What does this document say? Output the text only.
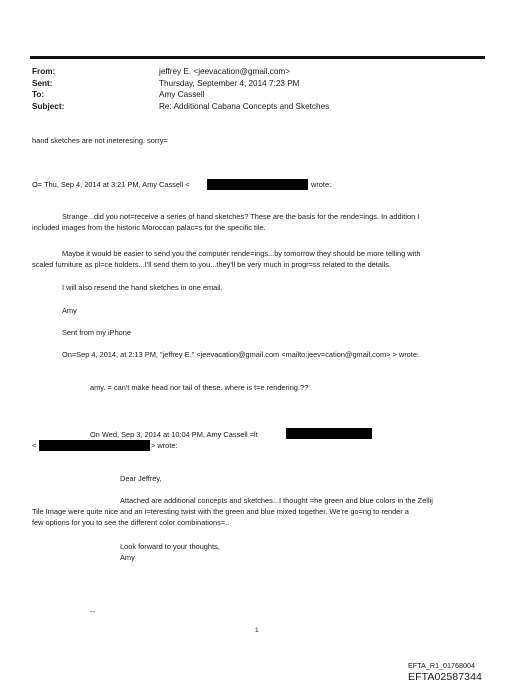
From:	jeffrey E. <jeevacation@gmail.com>
Sent:	Thursday, September 4, 2014 7:23 PM
To:	Amy Cassell
Subject:	Re: Additional Cabana Concepts and Sketches
hand sketches are not ineteresing. sorry=
O= Thu, Sep 4, 2014 at 3:21 PM, Amy Cassell <	wrote:
Strange...did you not=receive a series of hand sketches? These are the basis for the rende=ings. In addition I
included images from the historic Moroccan palac=s for the specific tile.
Maybe it would be easier to send you the computer rende=ings...by tomorrow they should be more telling with
scaled furniture as pl=ce holders...I'll send them to you...they'll be very much in progr=ss related to the details.
I will also resend the hand sketches in one email.
Amy
Sent from my iPhone
On=Sep 4, 2014, at 2:13 PM, "jeffrey E." <jeevacation@gmail.com <mailto:jeev=cation@gmail.com> > wrote:
amy. = can't make head nor tail of these. where is t=e rendering.??
On Wed, Sep 3, 2014 at 10:04 PM, Amy Cassell =lt
<	> wrote:
Dear Jeffrey,
Attached are additional concepts and sketches...I thought =he green and blue colors in the Zellij
Tile Image were quite nice and an i=teresting twist with the green and blue mixed together. We're go=ng to render a
few options for you to see the different color combinations=..
Look forward to your thoughts,
Amy
--
1
EFTA_R1_01768004
EFTA02587344
